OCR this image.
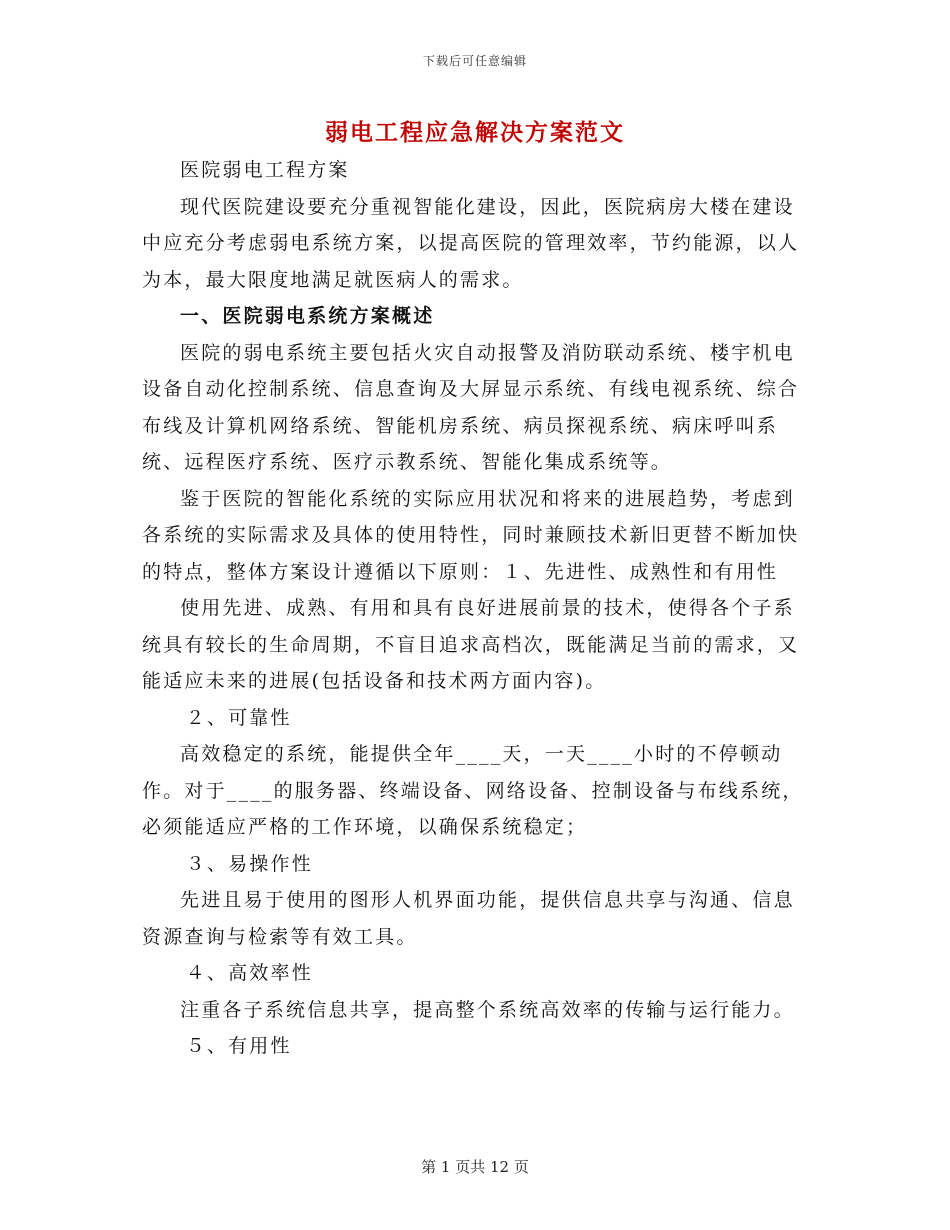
下载后可任意编辑
弱电工程应急解决方案范文

医院弱电工程方案

现代医院建设要充分重视智能化建设，因此，医院病房大楼在建设中应充分考虑弱电系统方案，以提高医院的管理效率，节约能源，以人为本，最大限度地满足就医病人的需求。

一、医院弱电系统方案概述

医院的弱电系统主要包括火灾自动报警及消防联动系统、楼宇机电设备自动化控制系统、信息查询及大屏显示系统、有线电视系统、综合布线及计算机网络系统、智能机房系统、病员探视系统、病床呼叫系统、远程医疗系统、医疗示教系统、智能化集成系统等。

鉴于医院的智能化系统的实际应用状况和将来的进展趋势，考虑到各系统的实际需求及具体的使用特性，同时兼顾技术新旧更替不断加快的特点，整体方案设计遵循以下原则：１、先进性、成熟性和有用性

使用先进、成熟、有用和具有良好进展前景的技术，使得各个子系统具有较长的生命周期，不盲目追求高档次，既能满足当前的需求，又能适应未来的进展(包括设备和技术两方面内容)。

２、可靠性

高效稳定的系统，能提供全年____天，一天____小时的不停顿动作。对于____的服务器、终端设备、网络设备、控制设备与布线系统，必须能适应严格的工作环境，以确保系统稳定；

３、易操作性

先进且易于使用的图形人机界面功能，提供信息共享与沟通、信息资源查询与检索等有效工具。

４、高效率性

注重各子系统信息共享，提高整个系统高效率的传输与运行能力。

５、有用性

第 1 页共 12 页
